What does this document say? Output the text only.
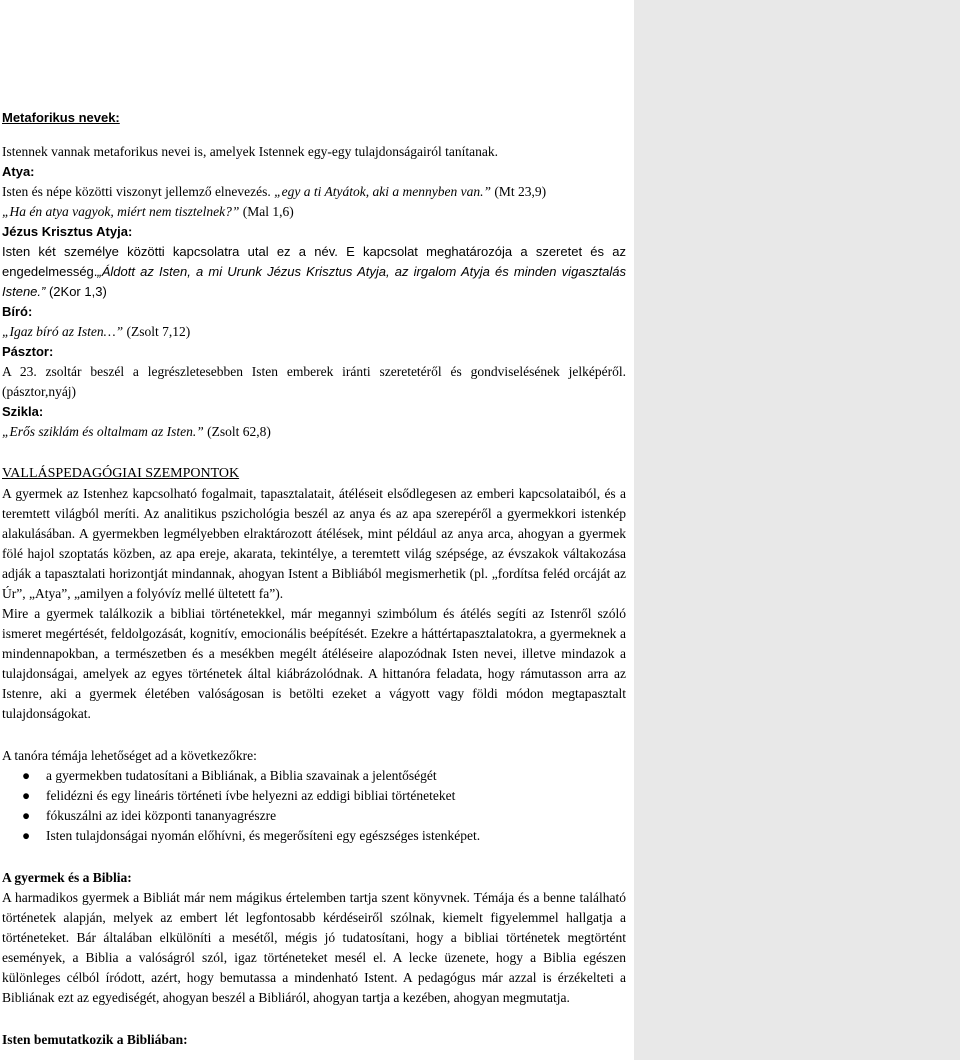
Metaforikus nevek:

Istennek vannak metaforikus nevei is, amelyek Istennek egy-egy tulajdonságairól tanítanak.

Atya:

Isten és népe közötti viszonyt jellemző elnevezés. „egy a ti Atyátok, aki a mennyben van.” (Mt 23,9)

„Ha én atya vagyok, miért nem tisztelnek?” (Mal 1,6)

Jézus Krisztus Atyja:

Isten két személye közötti kapcsolatra utal ez a név. E kapcsolat meghatározója a szeretet és az engedelmesség.„Áldott az Isten, a mi Urunk Jézus Krisztus Atyja, az irgalom Atyja és minden vigasztalás Istene.” (2Kor 1,3)

Bíró:

„Igaz bíró az Isten…” (Zsolt 7,12)

Pásztor:

A 23. zsoltár beszél a legrészletesebben Isten emberek iránti szeretetéről és gondviselésének jelképéről. (pásztor,nyáj)

Szikla:

„Erős sziklám és oltalmam az Isten.” (Zsolt 62,8)

VALLÁSPEDAGÓGIAI SZEMPONTOK

A gyermek az Istenhez kapcsolható fogalmait, tapasztalatait, átéléseit elsődlegesen az emberi kapcsolataiból, és a teremtett világból meríti. Az analitikus pszichológia beszél az anya és az apa szerepéről a gyermekkori istenkép alakulásában. A gyermekben legmélyebben elraktározott átélések, mint például az anya arca, ahogyan a gyermek fölé hajol szoptatás közben, az apa ereje, akarata, tekintélye, a teremtett világ szépsége, az évszakok váltakozása adják a tapasztalati horizontját mindannak, ahogyan Istent a Bibliából megismerhetik (pl. „fordítsa feléd orcáját az Úr”, „Atya”, „amilyen a folyóvíz mellé ültetett fa”).

Mire a gyermek találkozik a bibliai történetekkel, már megannyi szimbólum és átélés segíti az Istenről szóló ismeret megértését, feldolgozását, kognitív, emocionális beépítését. Ezekre a háttértapasztalatokra, a gyermeknek a mindennapokban, a természetben és a mesékben megélt átéléseire alapozódnak Isten nevei, illetve mindazok a tulajdonságai, amelyek az egyes történetek által kiábrázolódnak. A hittanóra feladata, hogy rámutasson arra az Istenre, aki a gyermek életében valóságosan is betölti ezeket a vágyott vagy földi módon megtapasztalt tulajdonságokat.

A tanóra témája lehetőséget ad a következőkre:

● a gyermekben tudatosítani a Bibliának, a Biblia szavainak a jelentőségét
● felidézni és egy lineáris történeti ívbe helyezni az eddigi bibliai történeteket
● fókuszálni az idei központi tananyagrészre
● Isten tulajdonságai nyomán előhívni, és megerősíteni egy egészséges istenképet.

A gyermek és a Biblia:

A harmadikos gyermek a Bibliát már nem mágikus értelemben tartja szent könyvnek. Témája és a benne található történetek alapján, melyek az embert lét legfontosabb kérdéseiről szólnak, kiemelt figyelemmel hallgatja a történeteket. Bár általában elkülöníti a mesétől, mégis jó tudatosítani, hogy a bibliai történetek megtörtént események, a Biblia a valóságról szól, igaz történeteket mesél el. A lecke üzenete, hogy a Biblia egészen különleges célból íródott, azért, hogy bemutassa a mindenható Istent. A pedagógus már azzal is érzékelteti a Bibliának ezt az egyediségét, ahogyan beszél a Bibliáról, ahogyan tartja a kezében, ahogyan megmutatja.

Isten bemutatkozik a Bibliában:
